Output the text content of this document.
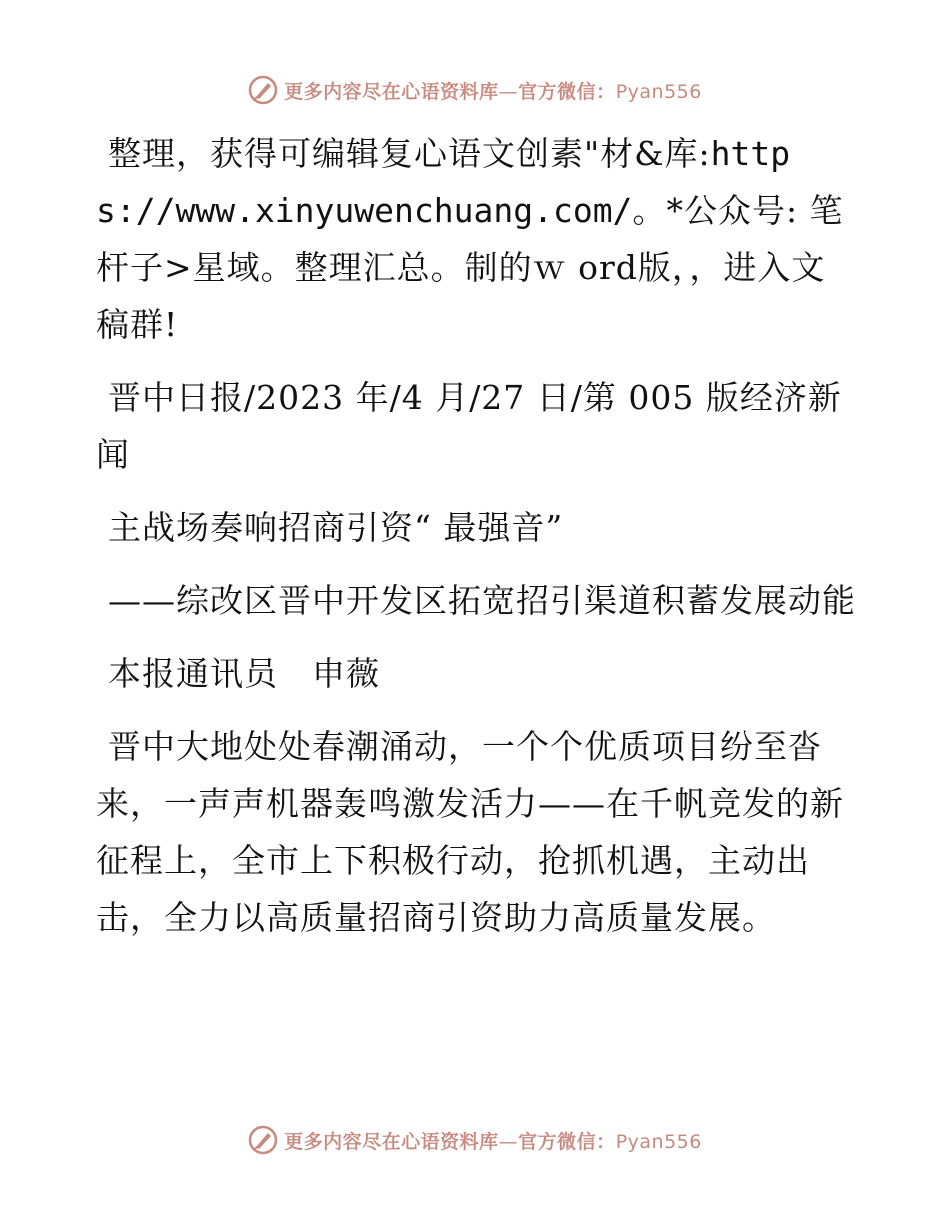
更多内容尽在心语资料库—官方微信：Pyan556

整理，获得可编辑复心语文创素"材&库:https://www.xinyuwenchuang.com/。*公众号: 笔杆子>星域。整理汇总。制的ｗ ord版，，进入文稿群!

晋中日报/2023 年/4 月/27 日/第 005 版经济新闻

主战场奏响招商引资“ 最强音”

——综改区晋中开发区拓宽招引渠道积蓄发展动能

本报通讯员　申薇

晋中大地处处春潮涌动，一个个优质项目纷至沓来，一声声机器轰鸣激发活力——在千帆竞发的新征程上，全市上下积极行动，抢抓机遇，主动出击，全力以高质量招商引资助力高质量发展。

更多内容尽在心语资料库—官方微信：Pyan556
